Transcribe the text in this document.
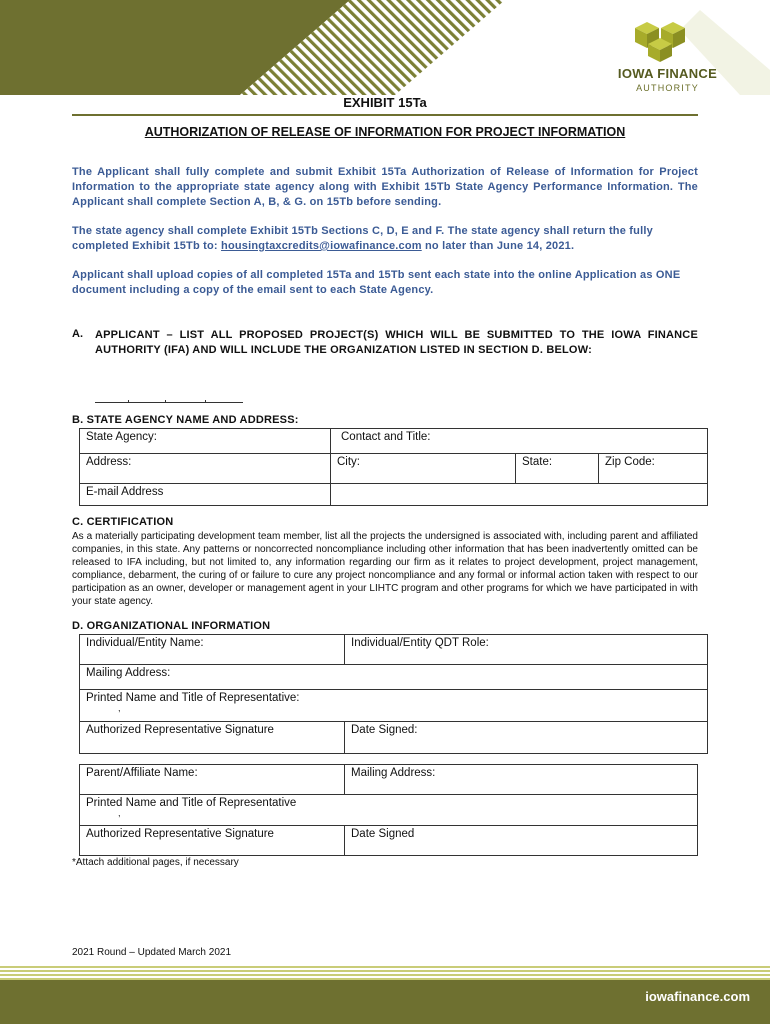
IOWA FINANCE
AUTHORITY
EXHIBIT 15Ta
AUTHORIZATION OF RELEASE OF INFORMATION FOR PROJECT INFORMATION
The Applicant shall fully complete and submit Exhibit 15Ta Authorization of Release of Information for Project Information to the appropriate state agency along with Exhibit 15Tb State Agency Performance Information. The Applicant shall complete Section A, B, & G. on 15Tb before sending.
The state agency shall complete Exhibit 15Tb Sections C, D, E and F. The state agency shall return the fully completed Exhibit 15Tb to: housingtaxcredits@iowafinance.com no later than June 14, 2021.
Applicant shall upload copies of all completed 15Ta and 15Tb sent each state into the online Application as ONE document including a copy of the email sent to each State Agency.
A. APPLICANT – LIST ALL PROPOSED PROJECT(S) WHICH WILL BE SUBMITTED TO THE IOWA FINANCE AUTHORITY (IFA) AND WILL INCLUDE THE ORGANIZATION LISTED IN SECTION D. BELOW:
B. STATE AGENCY NAME AND ADDRESS:
State Agency:	Contact and Title:		
Address:	City:	State:	Zip Code:
E-mail Address			
C. CERTIFICATION
As a materially participating development team member, list all the projects the undersigned is associated with, including parent and affiliated companies, in this state. Any patterns or noncorrected noncompliance including other information that has been inadvertently omitted can be released to IFA including, but not limited to, any information regarding our firm as it relates to project development, project management, compliance, debarment, the curing of or failure to cure any project noncompliance and any formal or informal action taken with respect to our participation as an owner, developer or management agent in your LIHTC program and other programs for which we have participated in with your state agency.
D. ORGANIZATIONAL INFORMATION
Individual/Entity Name:	Individual/Entity QDT Role:
Mailing Address:	

Printed Name and Title of Representative:
,	

Authorized Representative Signature	Date Signed:
Parent/Affiliate Name:	Mailing Address:

Printed Name and Title of Representative
,	

Authorized Representative Signature	Date Signed
*Attach additional pages, if necessary
2021 Round – Updated March 2021
iowafinance.com
